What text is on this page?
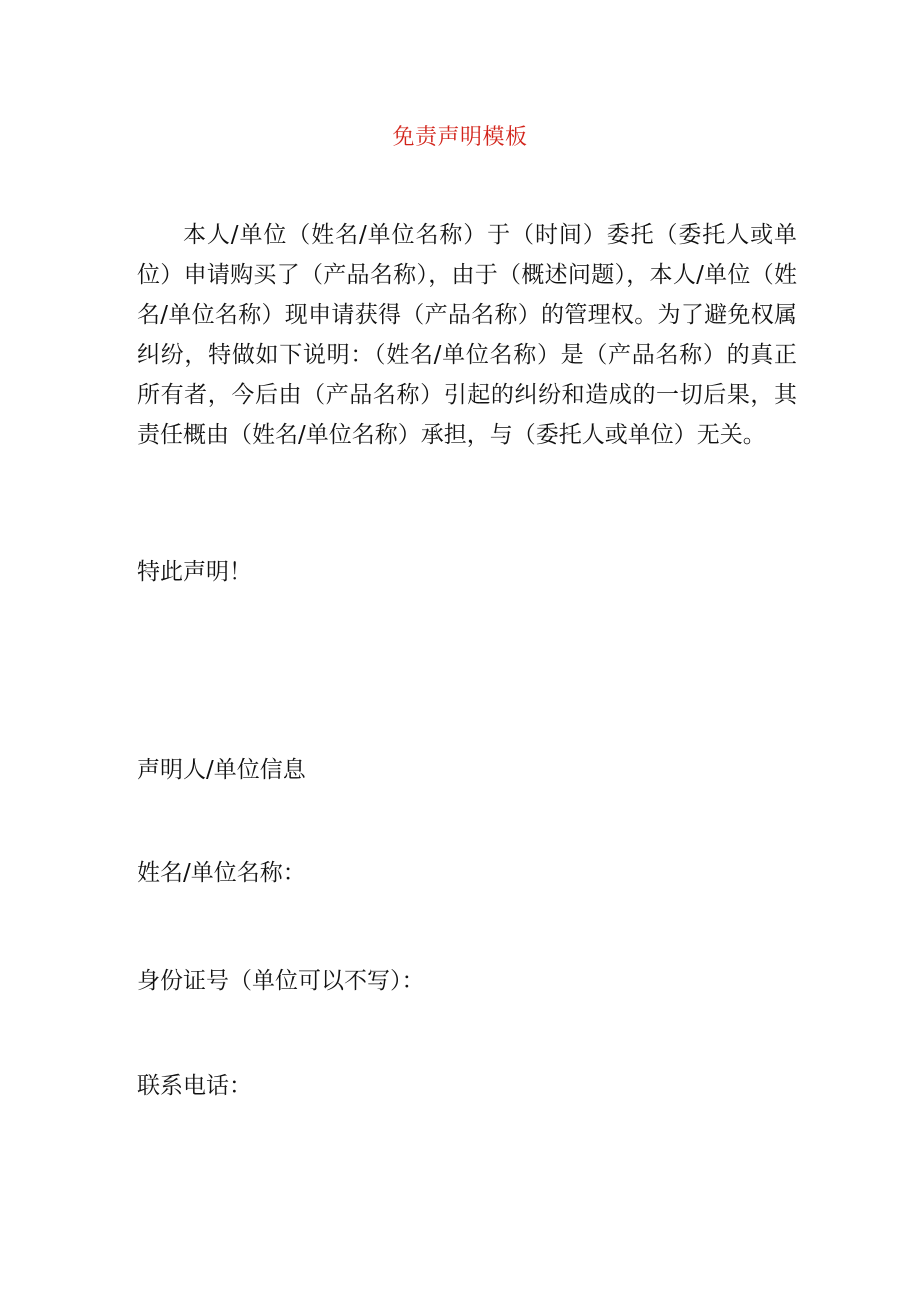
免责声明模板

本人/单位（姓名/单位名称）于（时间）委托（委托人或单位）申请购买了（产品名称），由于（概述问题），本人/单位（姓名/单位名称）现申请获得（产品名称）的管理权。为了避免权属纠纷，特做如下说明：（姓名/单位名称）是（产品名称）的真正所有者，今后由（产品名称）引起的纠纷和造成的一切后果，其责任概由（姓名/单位名称）承担，与（委托人或单位）无关。

特此声明！

声明人/单位信息

姓名/单位名称：

身份证号（单位可以不写）：

联系电话：
